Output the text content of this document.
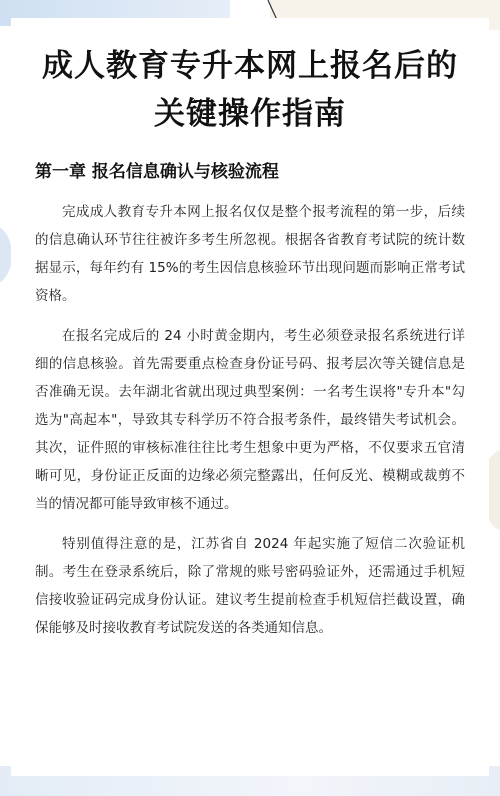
成人教育专升本网上报名后的
关键操作指南
第一章 报名信息确认与核验流程

完成成人教育专升本网上报名仅仅是整个报考流程的第一步，后续的信息确认环节往往被许多考生所忽视。根据各省教育考试院的统计数据显示，每年约有 15%的考生因信息核验环节出现问题而影响正常考试资格。

在报名完成后的 24 小时黄金期内，考生必须登录报名系统进行详细的信息核验。首先需要重点检查身份证号码、报考层次等关键信息是否准确无误。去年湖北省就出现过典型案例：一名考生误将"专升本"勾选为"高起本"，导致其专科学历不符合报考条件，最终错失考试机会。其次，证件照的审核标准往往比考生想象中更为严格，不仅要求五官清晰可见，身份证正反面的边缘必须完整露出，任何反光、模糊或裁剪不当的情况都可能导致审核不通过。

特别值得注意的是，江苏省自 2024 年起实施了短信二次验证机制。考生在登录系统后，除了常规的账号密码验证外，还需通过手机短信接收验证码完成身份认证。建议考生提前检查手机短信拦截设置，确保能够及时接收教育考试院发送的各类通知信息。
